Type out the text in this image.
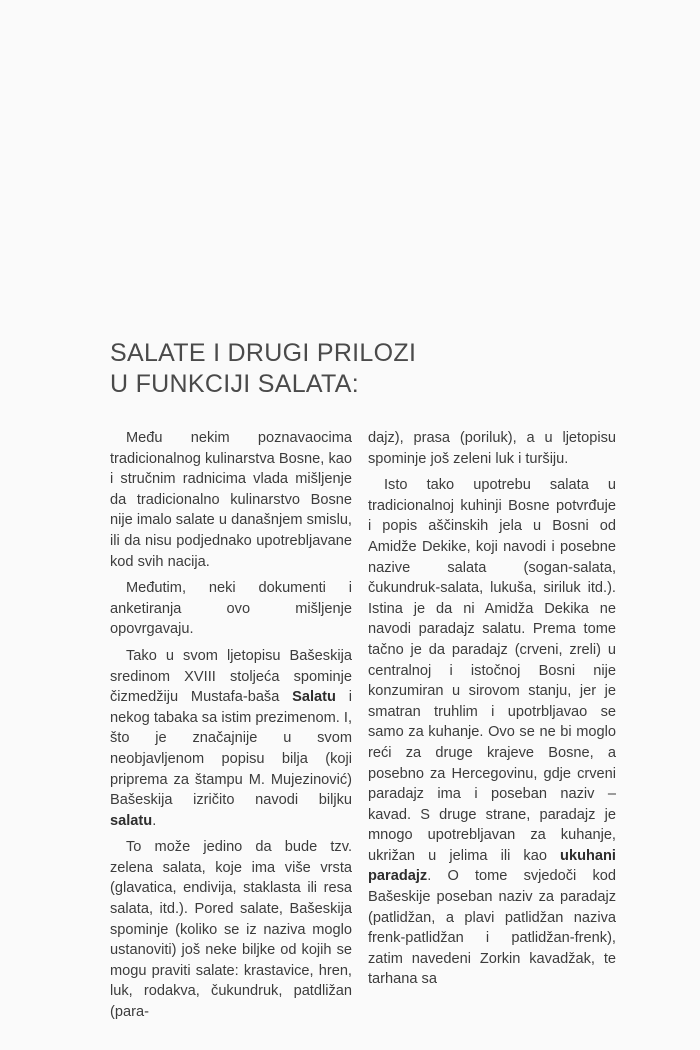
SALATE I DRUGI PRILOZI
U FUNKCIJI SALATA:

Među nekim poznavaocima tradicionalnog kulinarstva Bosne, kao i stručnim radnicima vlada mišljenje da tradicionalno kulinarstvo Bosne nije imalo salate u današnjem smislu, ili da nisu podjednako upotrebljavane kod svih nacija.

Međutim, neki dokumenti i anketiranja ovo mišljenje opovrgavaju.

Tako u svom ljetopisu Bašeskija sredinom XVIII stoljeća spominje čizmedžiju Mustafa-baša Salatu i nekog tabaka sa istim prezimenom. I, što je značajnije u svom neobjavljenom popisu bilja (koji priprema za štampu M. Mujezinović) Bašeskija izričito navodi biljku salatu.

To može jedino da bude tzv. zelena salata, koje ima više vrsta (glavatica, endivija, staklasta ili resa salata, itd.). Pored salate, Bašeskija spominje (koliko se iz naziva moglo ustanoviti) još neke biljke od kojih se mogu praviti salate: krastavice, hren, luk, rodakva, čukundruk, patdližan (para-

dajz), prasa (poriluk), a u ljetopisu spominje još zeleni luk i turšiju.

Isto tako upotrebu salata u tradicionalnoj kuhinji Bosne potvrđuje i popis aščinskih jela u Bosni od Amidže Dekike, koji navodi i posebne nazive salata (sogan-salata, čukundruk-salata, lukuša, siriluk itd.). Istina je da ni Amidža Dekika ne navodi paradajz salatu. Prema tome tačno je da paradajz (crveni, zreli) u centralnoj i istočnoj Bosni nije konzumiran u sirovom stanju, jer je smatran truhlim i upotrbljavao se samo za kuhanje. Ovo se ne bi moglo reći za druge krajeve Bosne, a posebno za Hercegovinu, gdje crveni paradajz ima i poseban naziv – kavad. S druge strane, paradajz je mnogo upotrebljavan za kuhanje, ukrižan u jelima ili kao ukuhani paradajz. O tome svjedoči kod Bašeskije poseban naziv za paradajz (patlidžan, a plavi patlidžan naziva frenk-patlidžan i patlidžan-frenk), zatim navedeni Zorkin kavadžak, te tarhana sa
